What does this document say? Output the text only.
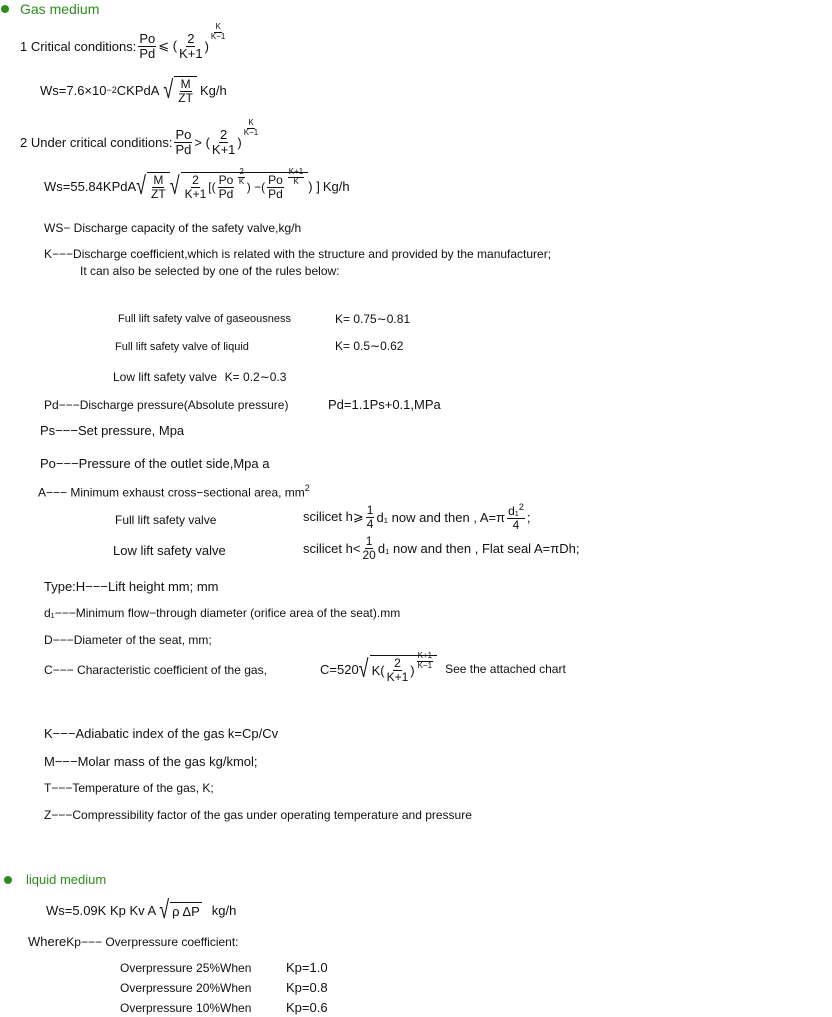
Gas medium
1 Critical conditions: $\frac{Po}{Pd}$ ⩽ ( $\frac{2}{K+1}$ )
$\frac{K}{K-1}$
Ws=7.6×10 −2 CKPdA √ $\frac{M}{ZT} Kg/h$
2 Under critical conditions: $\frac{Po}{Pd}$ > ( $\frac{2}{K+1}$ )
$\frac{K}{K-1}$
Ws=55.84KPdA √ $\frac{M}{ZT}$ √ $\frac{2}{K+1}$ [( $\frac{Po}{Pd} \frac{2}{K}$
) −( $\frac{Po}{Pd} \frac{K+1}{K}$
) ] Kg/h
WS− Discharge capacity of the safety valve,kg/h
K−−−Discharge coefficient,which is related with the structure and provided by the manufacturer;
It can also be selected by one of the rules below:
Full lift safety valve of gaseousness	K= 0.75∼0.81
Full lift safety valve of liquid	K= 0.5∼0.62
Low lift safety valve K= 0.2∼0.3
Pd−−−Discharge pressure(Absolute pressure)	Pd=1.1Ps+0.1,MPa
Ps−−−Set pressure, Mpa
Po−−−Pressure of the outlet side,Mpa a
A−−− Minimum exhaust cross−sectional area, $mm^2$
Full lift safety valve	scilicet h⩾ $\frac{1}{4} d_1$ now and then , $A=\pi \frac{d_1^2}{4}$ ;
Low lift safety valve	scilicet $h< \frac{1}{20} d_1$ now and then , Flat seal A=πDh;
Type:H−−−Lift height mm; mm
d₁−−−Minimum flow−through diameter (orifice area of the seat).mm
D−−−Diameter of the seat, mm;
C−−− Characteristic coefficient of the gas,	C=520 √ $K( \frac{2}{K+1}$ )
$\frac{K+1}{K-1}$ See the attached chart
K−−−Adiabatic index of the gas k=Cp/Cv
M−−−Molar mass of the gas kg/kmol;
T−−−Temperature of the gas, K;
Z−−−Compressibility factor of the gas under operating temperature and pressure
liquid medium
Ws=5.09K Kp Kv A √ ρ ΔP kg/h
WhereKp−−− Overpressure coefficient:
Overpressure 25%When	Kp=1.0
Overpressure 20%When	Kp=0.8
Overpressure 10%When	Kp=0.6
